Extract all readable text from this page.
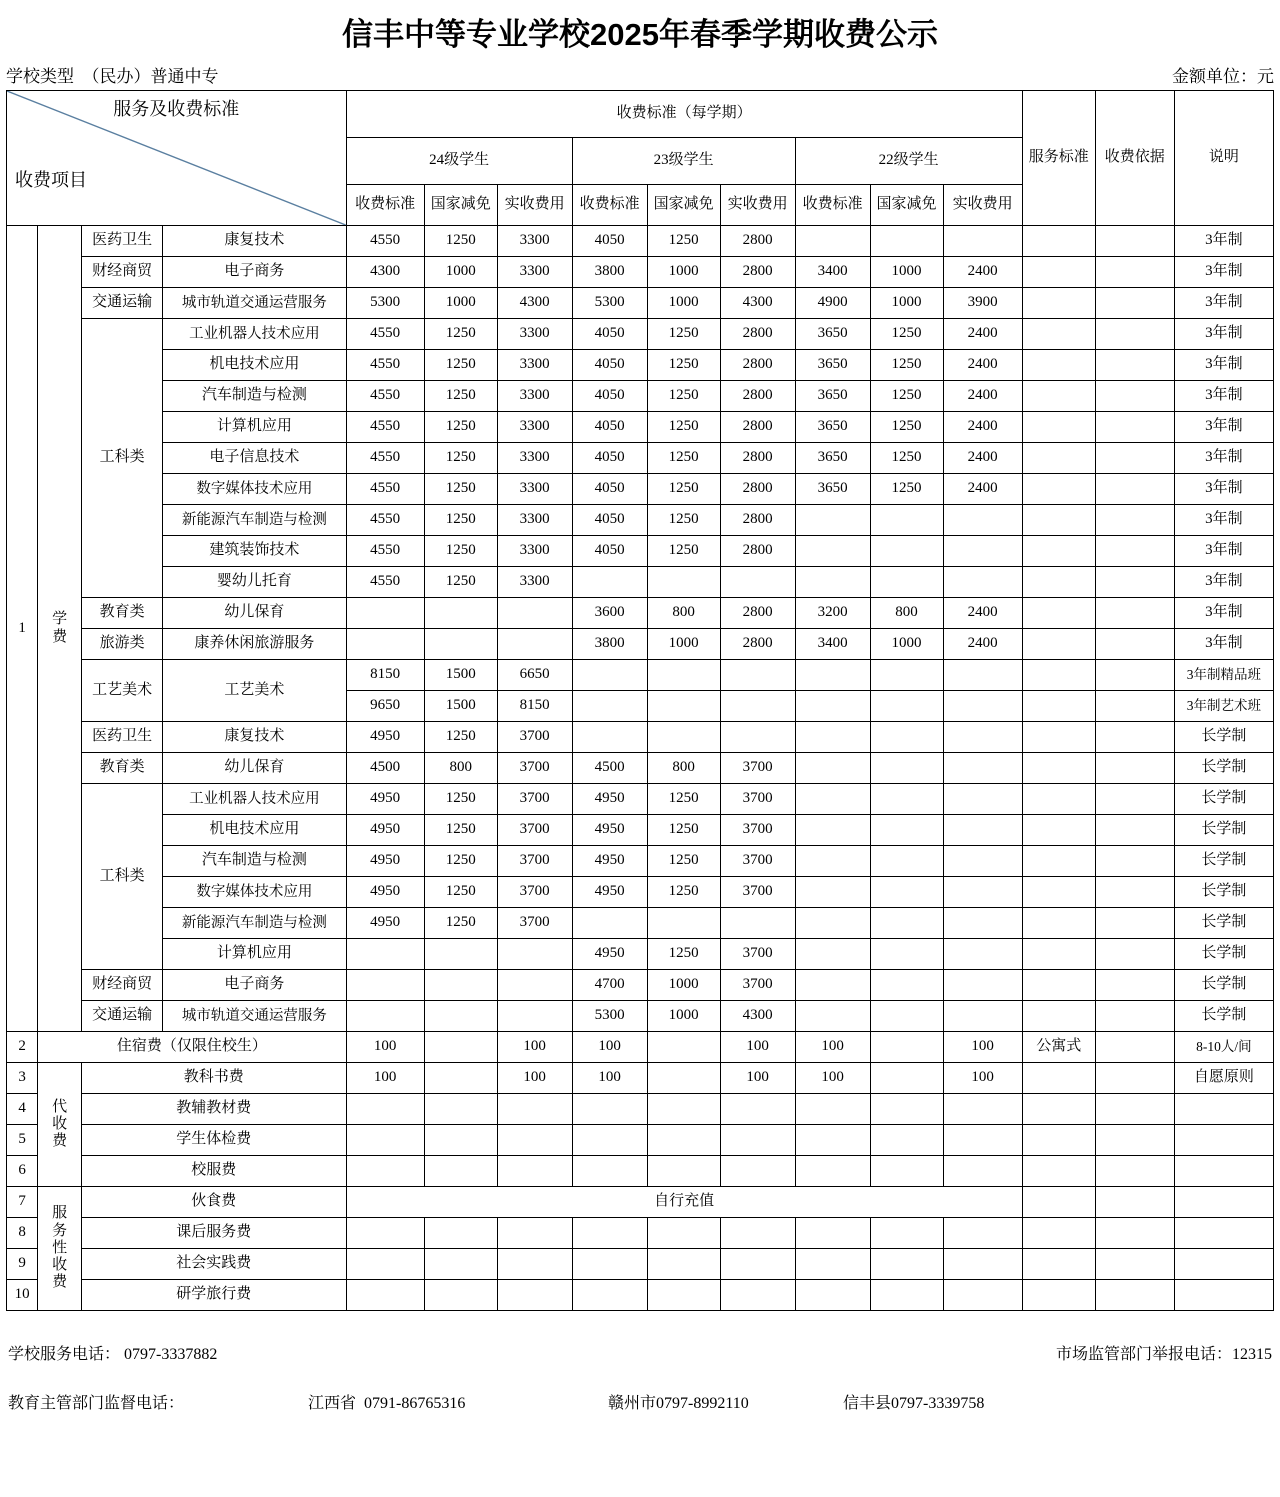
信丰中等专业学校2025年春季学期收费公示
学校类型 （民办）普通中专	金额单位：元
服务及收费标准
收费项目				收费标准（每学期）									服务标准	收费依据	说明
				24级学生			23级学生			22级学生					
				收费标准	国家减免	实收费用	收费标准	国家减免	实收费用	收费标准	国家减免	实收费用			
1	学费	医药卫生	康复技术	4550	1250	3300	4050	1250	2800						3年制
		财经商贸	电子商务	4300	1000	3300	3800	1000	2800	3400	1000	2400			3年制
		交通运输	城市轨道交通运营服务	5300	1000	4300	5300	1000	4300	4900	1000	3900			3年制
		工科类	工业机器人技术应用	4550	1250	3300	4050	1250	2800	3650	1250	2400			3年制
			机电技术应用	4550	1250	3300	4050	1250	2800	3650	1250	2400			3年制
			汽车制造与检测	4550	1250	3300	4050	1250	2800	3650	1250	2400			3年制
			计算机应用	4550	1250	3300	4050	1250	2800	3650	1250	2400			3年制
			电子信息技术	4550	1250	3300	4050	1250	2800	3650	1250	2400			3年制
			数字媒体技术应用	4550	1250	3300	4050	1250	2800	3650	1250	2400			3年制
			新能源汽车制造与检测	4550	1250	3300	4050	1250	2800						3年制
			建筑装饰技术	4550	1250	3300	4050	1250	2800						3年制
			婴幼儿托育	4550	1250	3300									3年制
		教育类	幼儿保育				3600	800	2800	3200	800	2400			3年制
		旅游类	康养休闲旅游服务				3800	1000	2800	3400	1000	2400			3年制
		工艺美术	工艺美术	8150	1500	6650									3年制精品班
				9650	1500	8150									3年制艺术班
		医药卫生	康复技术	4950	1250	3700									长学制
		教育类	幼儿保育	4500	800	3700	4500	800	3700						长学制
		工科类	工业机器人技术应用	4950	1250	3700	4950	1250	3700						长学制
			机电技术应用	4950	1250	3700	4950	1250	3700						长学制
			汽车制造与检测	4950	1250	3700	4950	1250	3700						长学制
			数字媒体技术应用	4950	1250	3700	4950	1250	3700						长学制
			新能源汽车制造与检测	4950	1250	3700									长学制
			计算机应用				4950	1250	3700						长学制
		财经商贸	电子商务				4700	1000	3700						长学制
		交通运输	城市轨道交通运营服务				5300	1000	4300						长学制
2	住宿费（仅限住校生）			100		100	100		100	100		100	公寓式		8-10人/间
3	代收费	教科书费		100		100	100		100	100		100			自愿原则
4		教辅教材费													
5		学生体检费													
6		校服费													
7	服务性收费	伙食费		自行充值											
8		课后服务费													
9		社会实践费													
10		研学旅行费													
学校服务电话： 0797-3337882	市场监管部门举报电话：12315
教育主管部门监督电话：	江西省  0791-86765316	赣州市0797-8992110	信丰县0797-3339758
